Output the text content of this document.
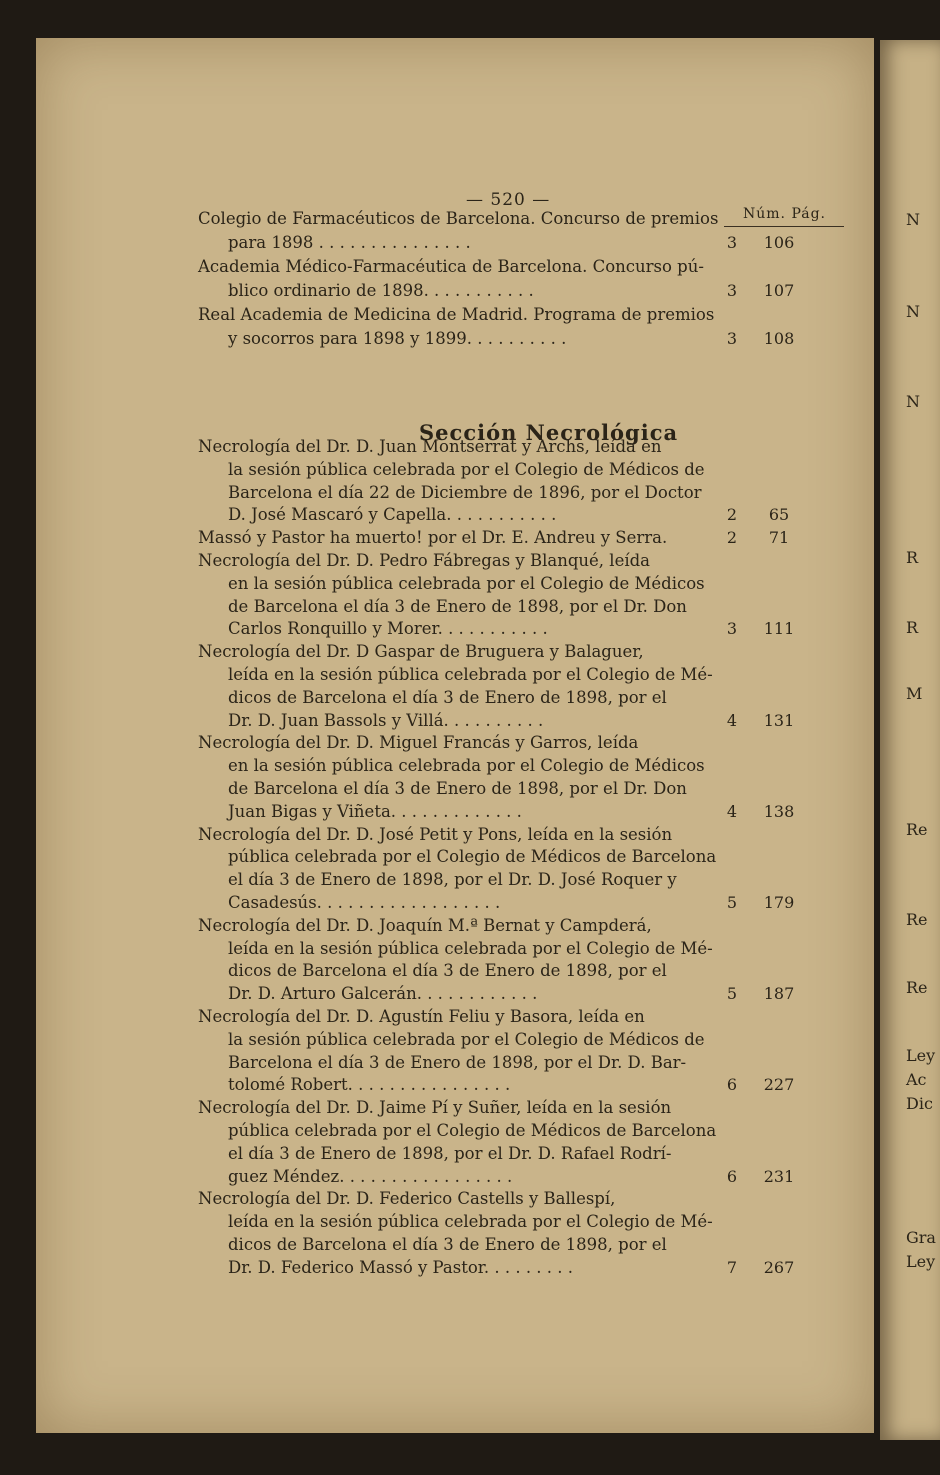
— 520 —
Núm. Pág.
Colegio de Farmacéuticos de Barcelona. Concurso de premios
para 1898 . . . . . . . . . . . . . . .	3	106
Academia Médico-Farmacéutica de Barcelona. Concurso pú-
blico ordinario de 1898. . . . . . . . . . .	3	107
Real Academia de Medicina de Madrid. Programa de premios
y socorros para 1898 y 1899. . . . . . . . . .	3	108
Sección Necrológica
Necrología del Dr. D. Juan Montserrat y Archs, leída en
la sesión pública celebrada por el Colegio de Médicos de
Barcelona el día 22 de Diciembre de 1896, por el Doctor
D. José Mascaró y Capella. . . . . . . . . . .	2	65
Massó y Pastor ha muerto! por el Dr. E. Andreu y Serra.	2	71
Necrología del Dr. D. Pedro Fábregas y Blanqué, leída
en la sesión pública celebrada por el Colegio de Médicos
de Barcelona el día 3 de Enero de 1898, por el Dr. Don
Carlos Ronquillo y Morer. . . . . . . . . . .	3	111
Necrología del Dr. D Gaspar de Bruguera y Balaguer,
leída en la sesión pública celebrada por el Colegio de Mé-
dicos de Barcelona el día 3 de Enero de 1898, por el
Dr. D. Juan Bassols y Villá. . . . . . . . . .	4	131
Necrología del Dr. D. Miguel Francás y Garros, leída
en la sesión pública celebrada por el Colegio de Médicos
de Barcelona el día 3 de Enero de 1898, por el Dr. Don
Juan Bigas y Viñeta. . . . . . . . . . . . .	4	138
Necrología del Dr. D. José Petit y Pons, leída en la sesión
pública celebrada por el Colegio de Médicos de Barcelona
el día 3 de Enero de 1898, por el Dr. D. José Roquer y
Casadesús. . . . . . . . . . . . . . . . . .	5	179
Necrología del Dr. D. Joaquín M.ª Bernat y Campderá,
leída en la sesión pública celebrada por el Colegio de Mé-
dicos de Barcelona el día 3 de Enero de 1898, por el
Dr. D. Arturo Galcerán. . . . . . . . . . . .	5	187
Necrología del Dr. D. Agustín Feliu y Basora, leída en
la sesión pública celebrada por el Colegio de Médicos de
Barcelona el día 3 de Enero de 1898, por el Dr. D. Bar-
tolomé Robert. . . . . . . . . . . . . . . .	6	227
Necrología del Dr. D. Jaime Pí y Suñer, leída en la sesión
pública celebrada por el Colegio de Médicos de Barcelona
el día 3 de Enero de 1898, por el Dr. D. Rafael Rodrí-
guez Méndez. . . . . . . . . . . . . . . . .	6	231
Necrología del Dr. D. Federico Castells y Ballespí,
leída en la sesión pública celebrada por el Colegio de Mé-
dicos de Barcelona el día 3 de Enero de 1898, por el
Dr. D. Federico Massó y Pastor. . . . . . . . .	7	267
N
N
N
R
R
M
Re
Re
Re
Ley
Ac
Dic
Gra
Ley
